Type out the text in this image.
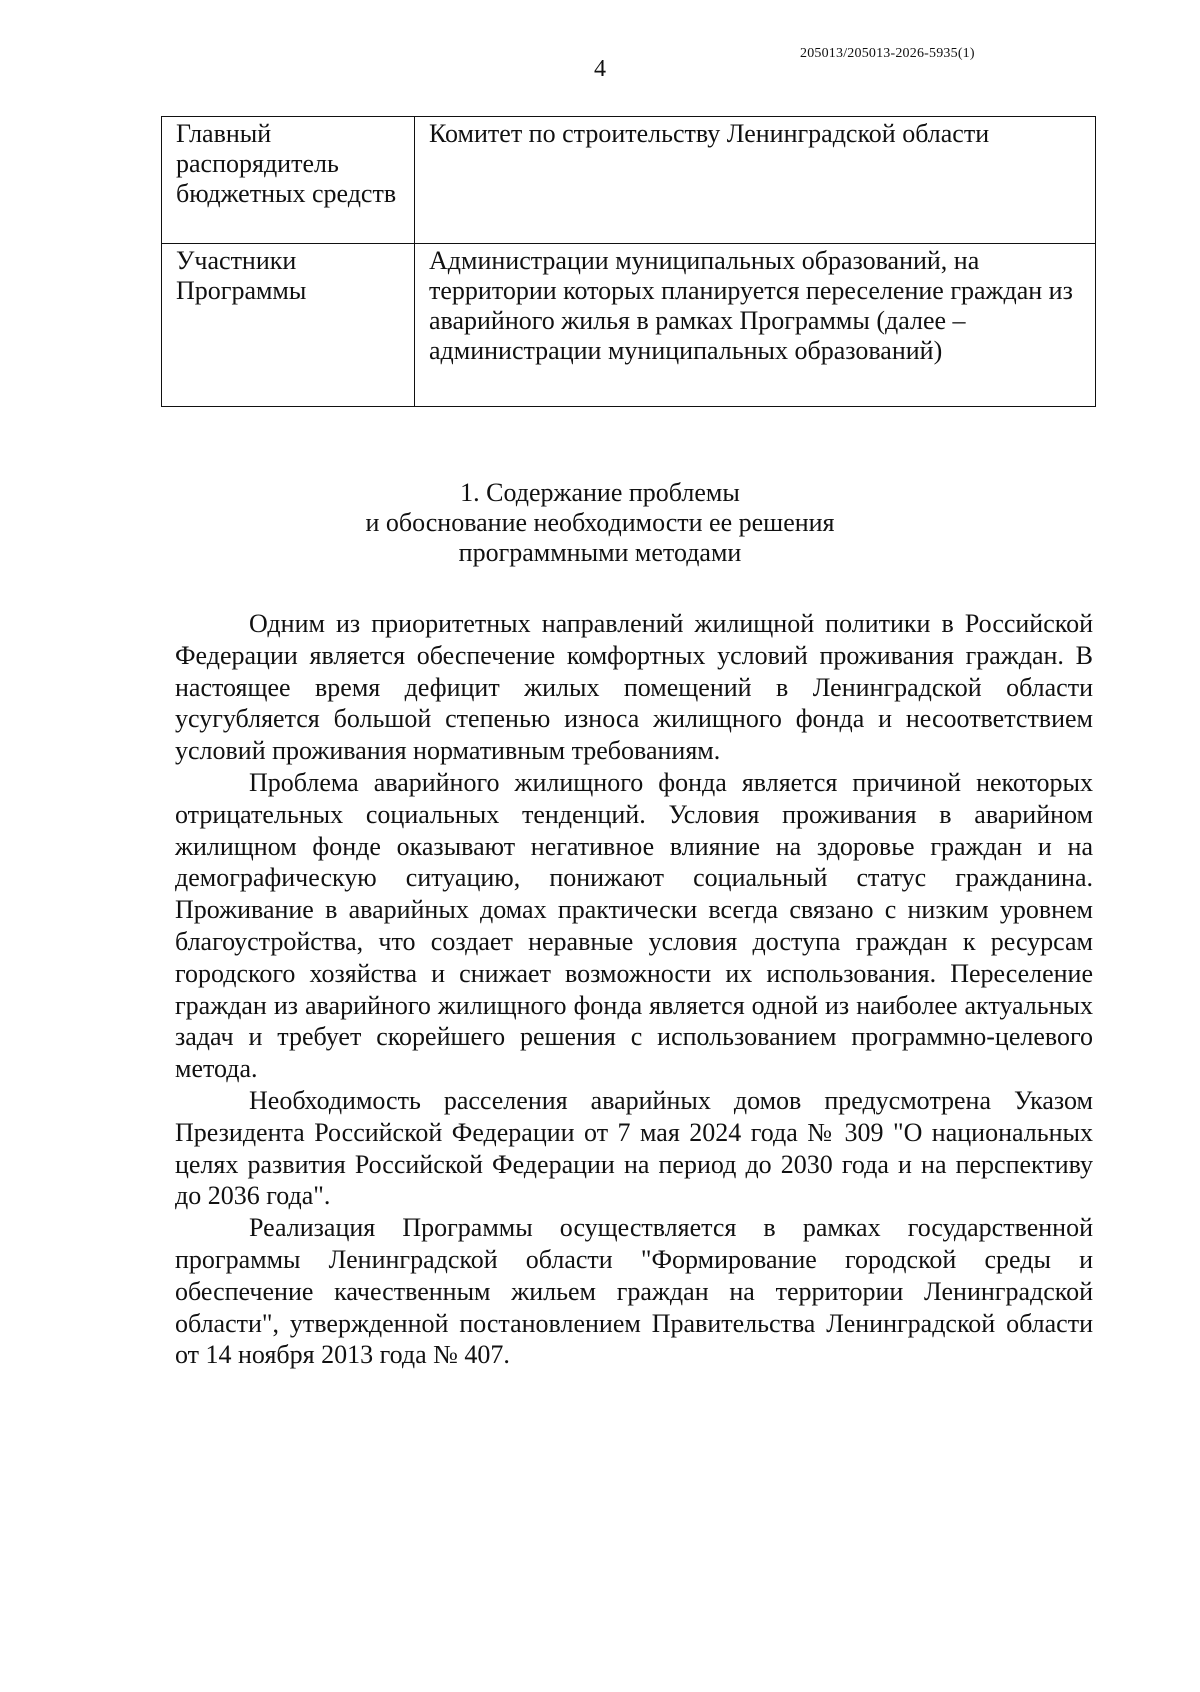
205013/205013-2026-5935(1)
4
Главный распорядитель бюджетных средств	Комитет по строительству Ленинградской области
Участники Программы	Администрации муниципальных образований, на территории которых планируется переселение граждан из аварийного жилья в рамках Программы (далее – администрации муниципальных образований)
1. Содержание проблемы
и обоснование необходимости ее решения
программными методами

Одним из приоритетных направлений жилищной политики в Российской Федерации является обеспечение комфортных условий проживания граждан. В настоящее время дефицит жилых помещений в Ленинградской области усугубляется большой степенью износа жилищного фонда и несоответствием условий проживания нормативным требованиям.

Проблема аварийного жилищного фонда является причиной некоторых отрицательных социальных тенденций. Условия проживания в аварийном жилищном фонде оказывают негативное влияние на здоровье граждан и на демографическую ситуацию, понижают социальный статус гражданина. Проживание в аварийных домах практически всегда связано с низким уровнем благоустройства, что создает неравные условия доступа граждан к ресурсам городского хозяйства и снижает возможности их использования. Переселение граждан из аварийного жилищного фонда является одной из наиболее актуальных задач и требует скорейшего решения с использованием программно-целевого метода.

Необходимость расселения аварийных домов предусмотрена Указом Президента Российской Федерации от 7 мая 2024 года № 309 "О национальных целях развития Российской Федерации на период до 2030 года и на перспективу до 2036 года".

Реализация Программы осуществляется в рамках государственной программы Ленинградской области "Формирование городской среды и обеспечение качественным жильем граждан на территории Ленинградской области", утвержденной постановлением Правительства Ленинградской области от 14 ноября 2013 года № 407.
